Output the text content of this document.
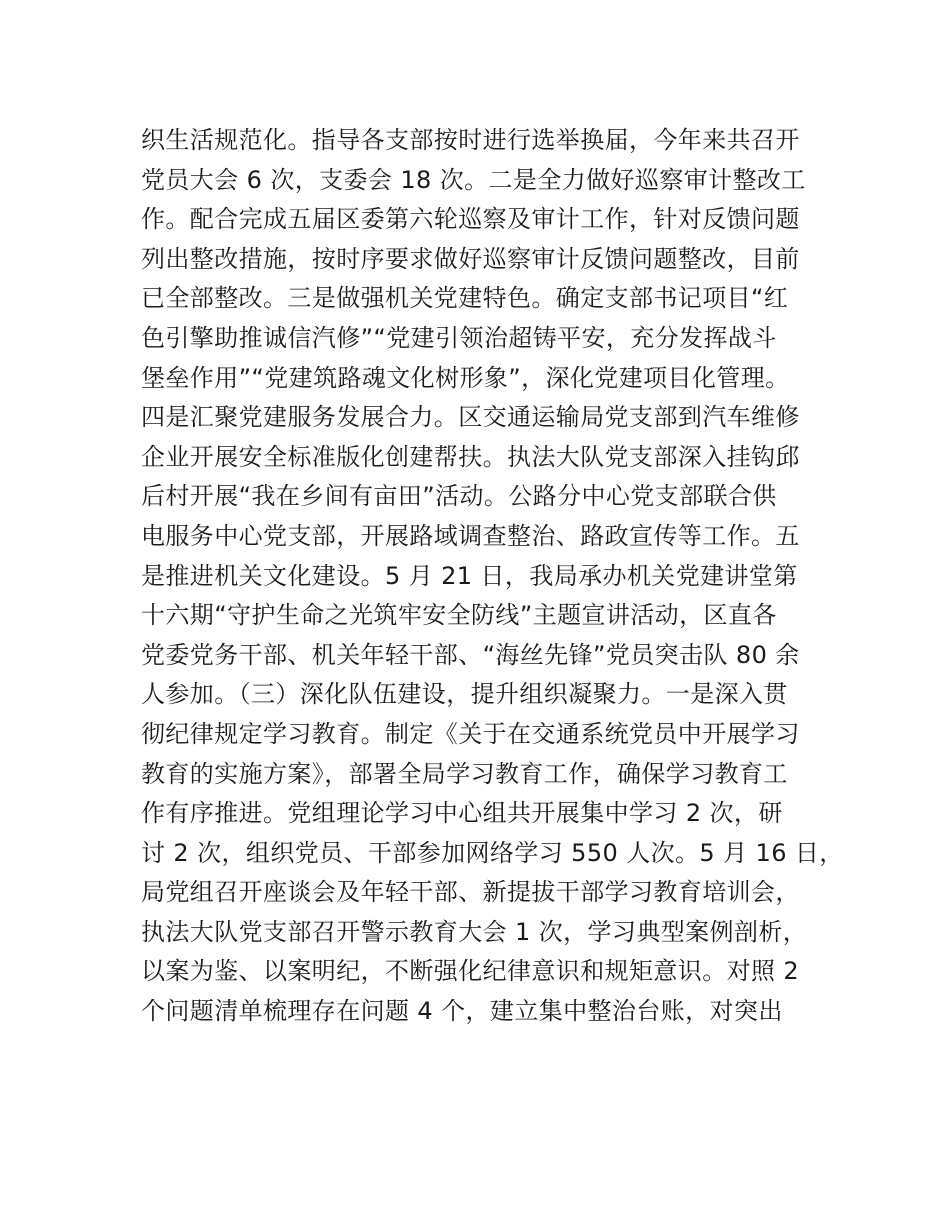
织生活规范化。指导各支部按时进行选举换届，今年来共召开
党员大会 6 次，支委会 18 次。二是全力做好巡察审计整改工
作。配合完成五届区委第六轮巡察及审计工作，针对反馈问题
列出整改措施，按时序要求做好巡察审计反馈问题整改，目前
已全部整改。三是做强机关党建特色。确定支部书记项目“红
色引擎助推诚信汽修”“党建引领治超铸平安，充分发挥战斗
堡垒作用”“党建筑路魂文化树形象”，深化党建项目化管理。
四是汇聚党建服务发展合力。区交通运输局党支部到汽车维修
企业开展安全标准版化创建帮扶。执法大队党支部深入挂钩邱
后村开展“我在乡间有亩田”活动。公路分中心党支部联合供
电服务中心党支部，开展路域调查整治、路政宣传等工作。五
是推进机关文化建设。5 月 21 日，我局承办机关党建讲堂第
十六期“守护生命之光筑牢安全防线”主题宣讲活动，区直各
党委党务干部、机关年轻干部、“海丝先锋”党员突击队 80 余
人参加。（三）深化队伍建设，提升组织凝聚力。一是深入贯
彻纪律规定学习教育。制定《关于在交通系统党员中开展学习
教育的实施方案》，部署全局学习教育工作，确保学习教育工
作有序推进。党组理论学习中心组共开展集中学习 2 次，研
讨 2 次，组织党员、干部参加网络学习 550 人次。5 月 16 日，
局党组召开座谈会及年轻干部、新提拔干部学习教育培训会，
执法大队党支部召开警示教育大会 1 次，学习典型案例剖析，
以案为鉴、以案明纪，不断强化纪律意识和规矩意识。对照 2
个问题清单梳理存在问题 4 个，建立集中整治台账，对突出
